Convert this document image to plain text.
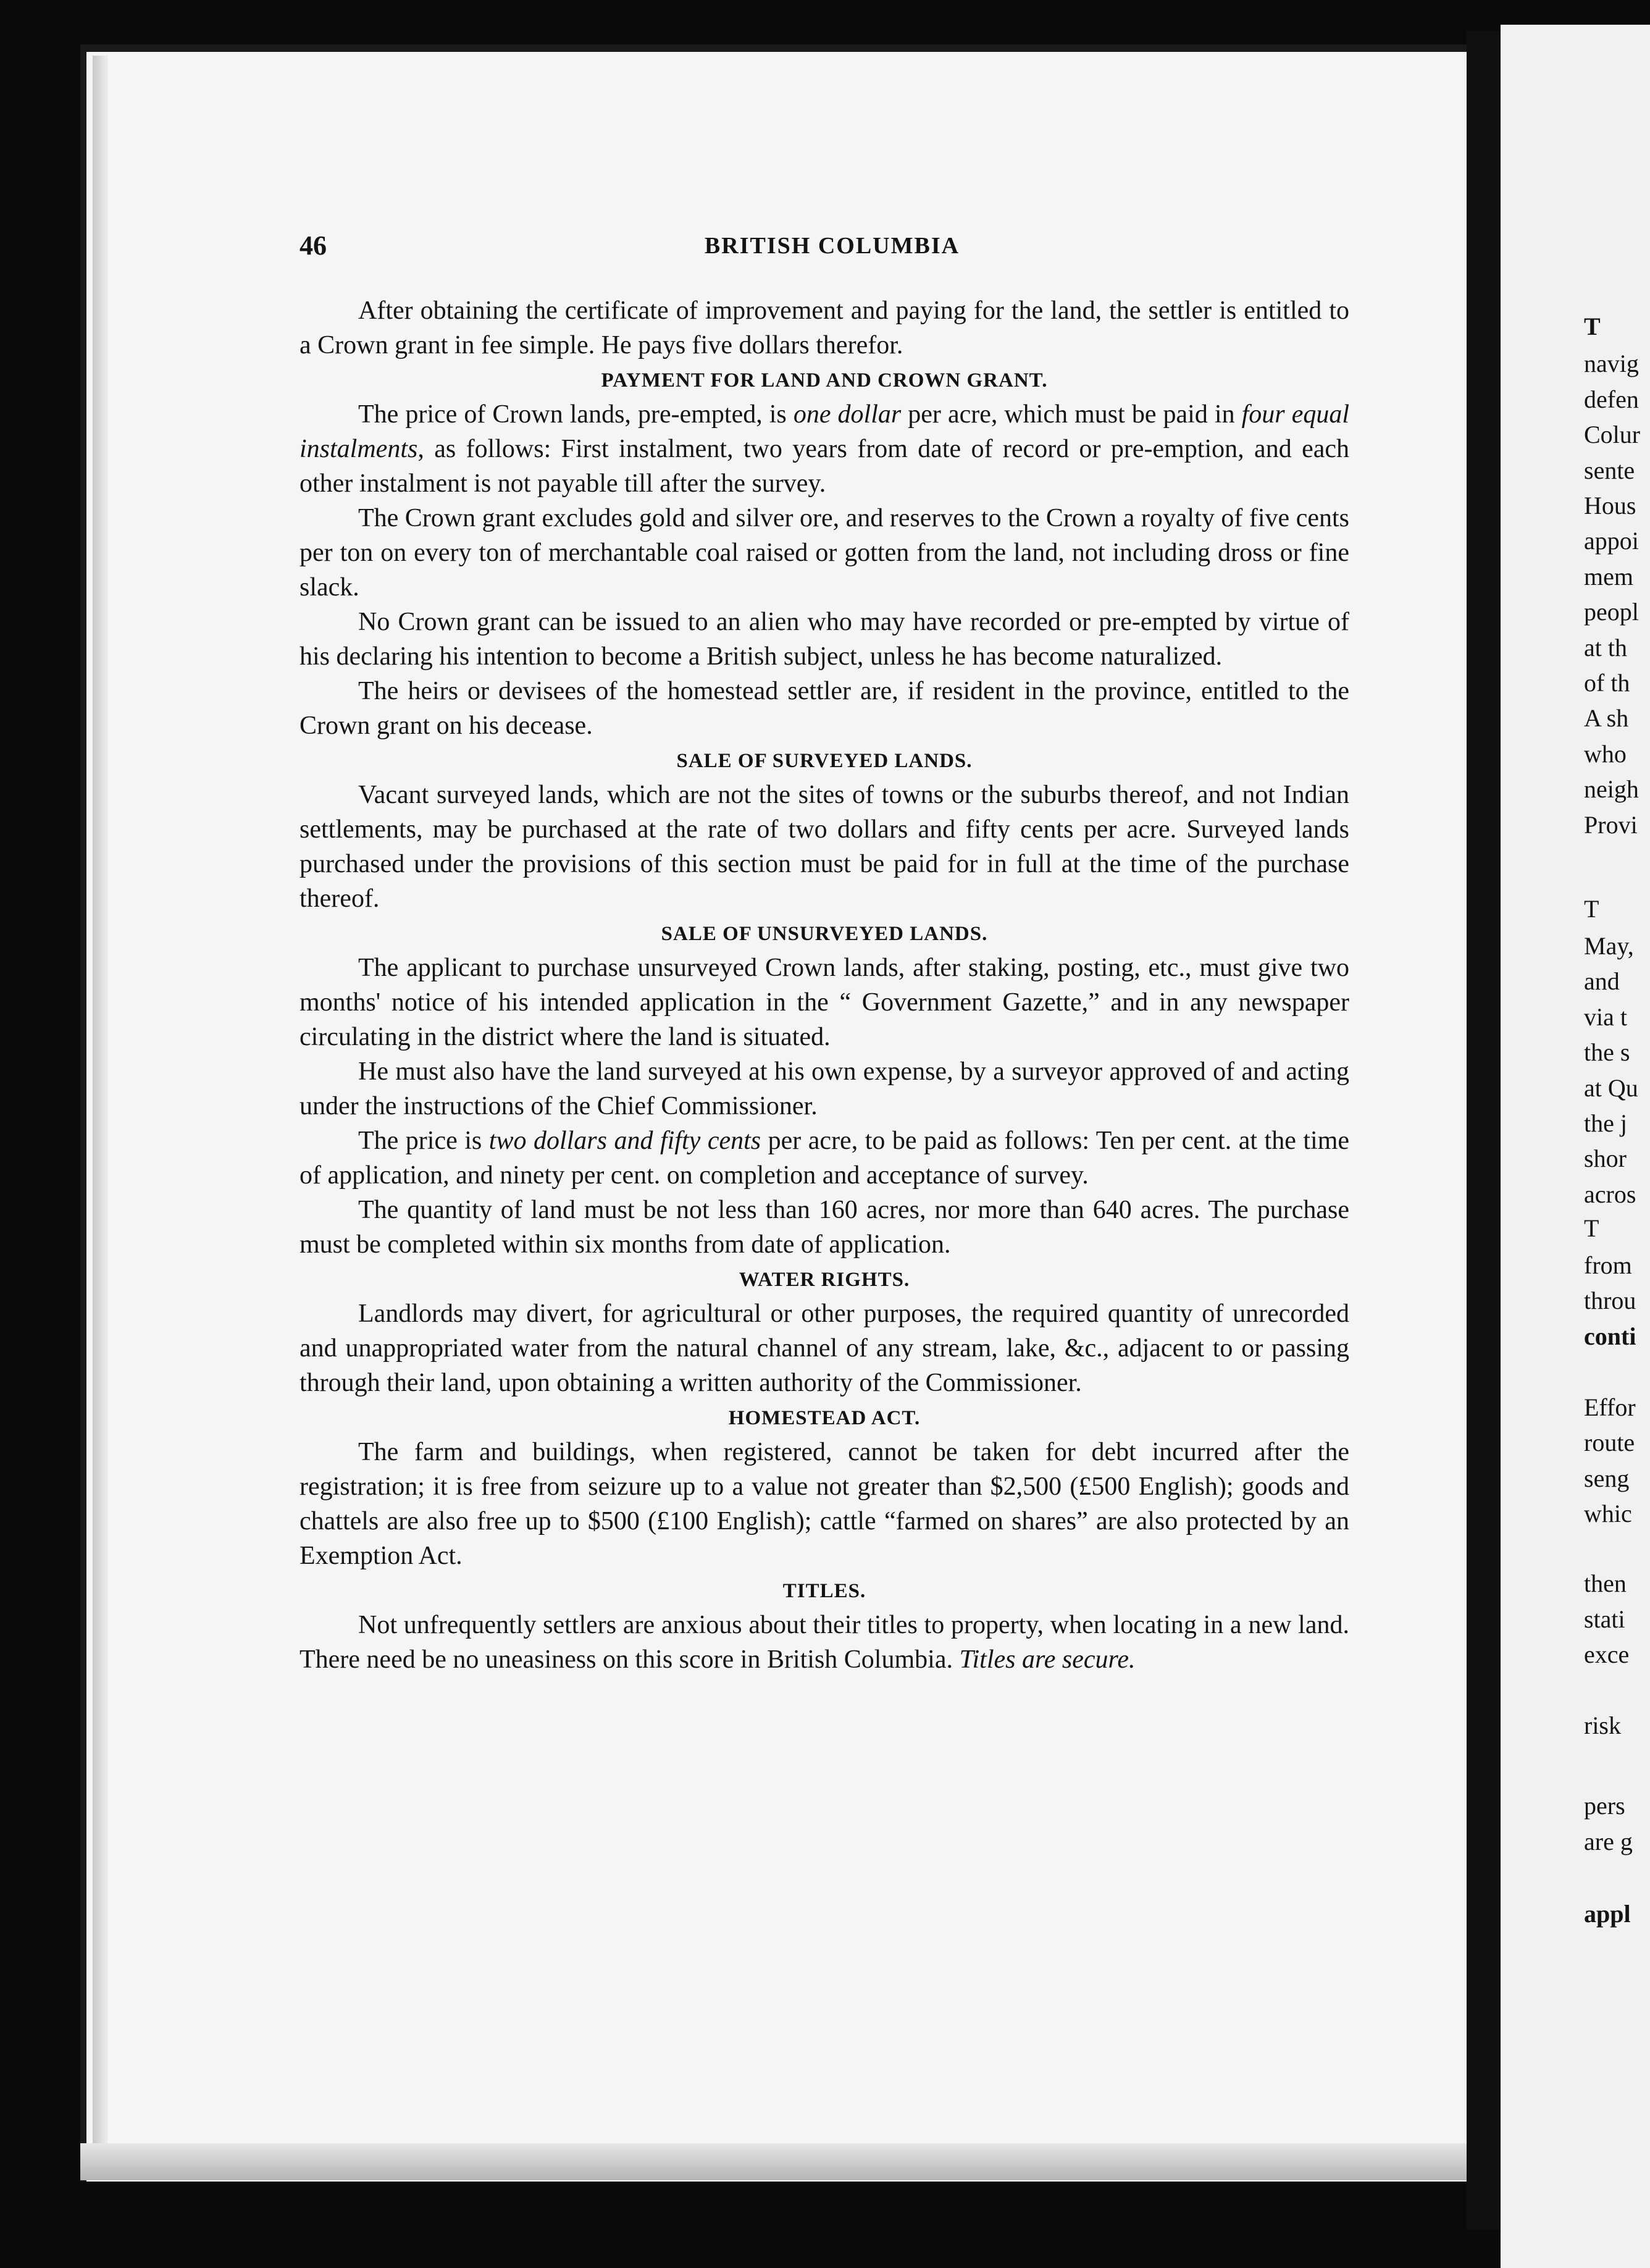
T
navig
defen
Colur
sente
Hous
appoi
mem
peopl
at th
of th
A sh
who
neigh
Provi
T
May,
and
via t
the s
at Qu
the j
shor
acros
T
from
throu
conti
Effor
route
seng
whic
then
stati
exce
risk
pers
are g
appl
46	BRITISH COLUMBIA

After obtaining the certificate of improvement and paying for the land, the settler is entitled to a Crown grant in fee simple. He pays five dollars therefor.

PAYMENT FOR LAND AND CROWN GRANT.

The price of Crown lands, pre-empted, is one dollar per acre, which must be paid in four equal instalments, as follows: First instalment, two years from date of record or pre-emption, and each other instalment is not payable till after the survey.

The Crown grant excludes gold and silver ore, and reserves to the Crown a royalty of five cents per ton on every ton of merchantable coal raised or gotten from the land, not including dross or fine slack.

No Crown grant can be issued to an alien who may have recorded or pre-empted by virtue of his declaring his intention to become a British subject, unless he has become naturalized.

The heirs or devisees of the homestead settler are, if resident in the province, entitled to the Crown grant on his decease.

SALE OF SURVEYED LANDS.

Vacant surveyed lands, which are not the sites of towns or the suburbs thereof, and not Indian settlements, may be purchased at the rate of two dollars and fifty cents per acre. Surveyed lands purchased under the provisions of this section must be paid for in full at the time of the purchase thereof.

SALE OF UNSURVEYED LANDS.

The applicant to purchase unsurveyed Crown lands, after staking, posting, etc., must give two months' notice of his intended application in the “ Government Gazette,” and in any newspaper circulating in the district where the land is situated.

He must also have the land surveyed at his own expense, by a surveyor approved of and acting under the instructions of the Chief Commissioner.

The price is two dollars and fifty cents per acre, to be paid as follows: Ten per cent. at the time of application, and ninety per cent. on completion and acceptance of survey.

The quantity of land must be not less than 160 acres, nor more than 640 acres. The purchase must be completed within six months from date of application.

WATER RIGHTS.

Landlords may divert, for agricultural or other purposes, the required quantity of unrecorded and unappropriated water from the natural channel of any stream, lake, &c., adjacent to or passing through their land, upon obtaining a written authority of the Commissioner.

HOMESTEAD ACT.

The farm and buildings, when registered, cannot be taken for debt incurred after the registration; it is free from seizure up to a value not greater than $2,500 (£500 English); goods and chattels are also free up to $500 (£100 English); cattle “farmed on shares” are also protected by an Exemption Act.

TITLES.

Not unfrequently settlers are anxious about their titles to property, when locating in a new land. There need be no uneasiness on this score in British Columbia. Titles are secure.
